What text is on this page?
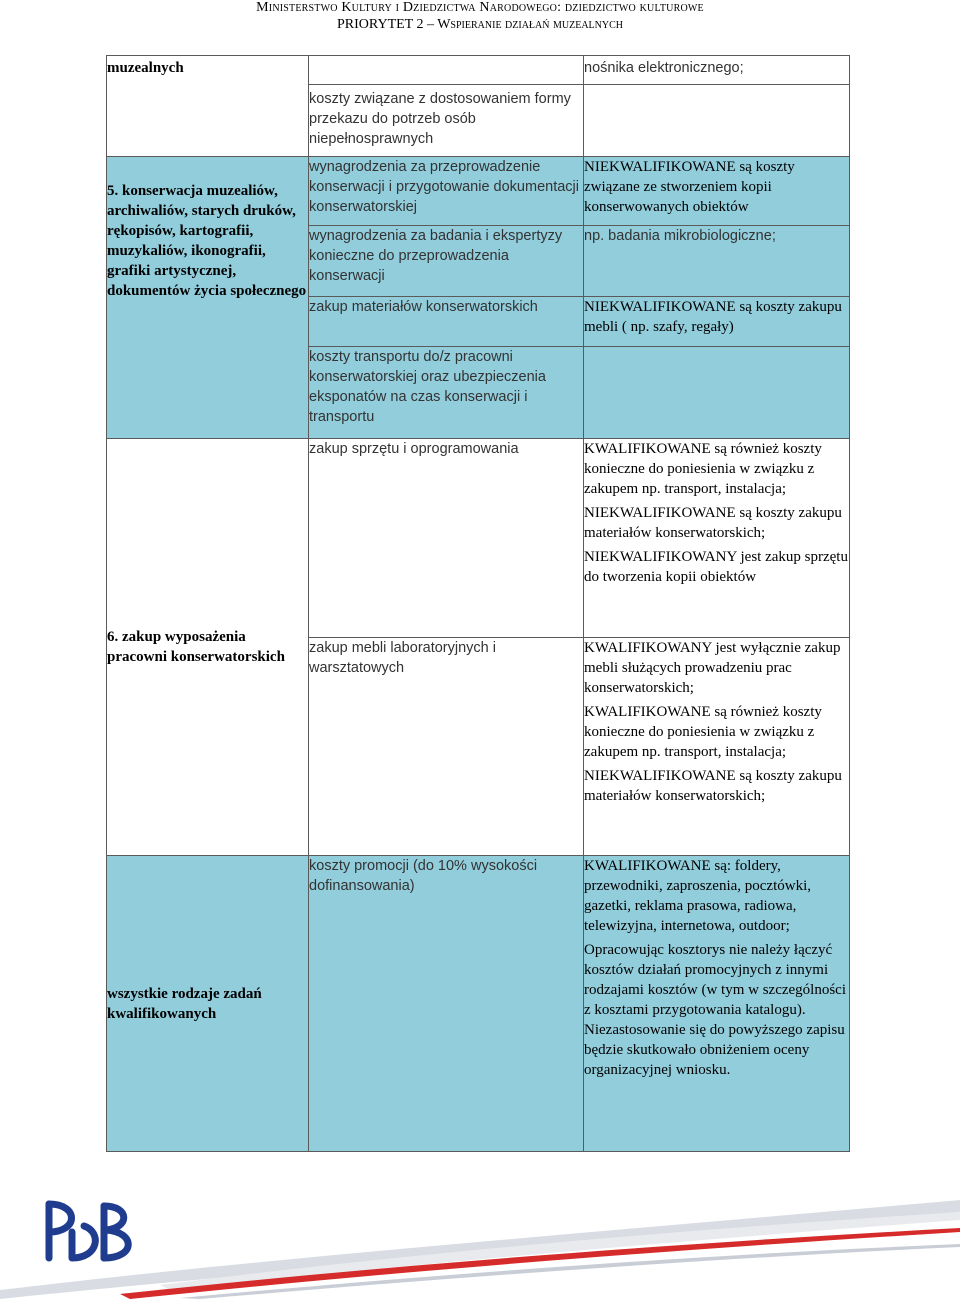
Ministerstwo Kultury i Dziedzictwa Narodowego: dziedzictwo kulturowe
PRIORYTET 2 – Wspieranie działań muzealnych
muzealnych		nośnika elektronicznego;
	koszty związane z dostosowaniem formy przekazu do potrzeb osób niepełnosprawnych	
5. konserwacja muzealiów, archiwaliów, starych druków, rękopisów, kartografii, muzykaliów, ikonografii, grafiki artystycznej, dokumentów życia społecznego	wynagrodzenia za przeprowadzenie konserwacji i przygotowanie dokumentacji konserwatorskiej	NIEKWALIFIKOWANE są koszty związane ze stworzeniem kopii konserwowanych obiektów
	wynagrodzenia za badania i ekspertyzy konieczne do przeprowadzenia konserwacji	np. badania mikrobiologiczne;
	zakup materiałów konserwatorskich	NIEKWALIFIKOWANE są koszty zakupu mebli ( np. szafy, regały)
	koszty transportu do/z pracowni konserwatorskiej oraz ubezpieczenia eksponatów na czas konserwacji i transportu	
6. zakup wyposażenia pracowni konserwatorskich	zakup sprzętu i oprogramowania	KWALIFIKOWANE są również koszty konieczne do poniesienia w związku z zakupem np. transport, instalacja;
NIEKWALIFIKOWANE są koszty zakupu materiałów konserwatorskich;
NIEKWALIFIKOWANY jest zakup sprzętu do tworzenia kopii obiektów

	zakup mebli laboratoryjnych i warsztatowych	KWALIFIKOWANY jest wyłącznie zakup mebli służących prowadzeniu prac konserwatorskich;
KWALIFIKOWANE są również koszty konieczne do poniesienia w związku z zakupem np. transport, instalacja;
NIEKWALIFIKOWANE są koszty zakupu materiałów konserwatorskich;

wszystkie rodzaje zadań kwalifikowanych	koszty promocji (do 10% wysokości dofinansowania)	KWALIFIKOWANE są: foldery, przewodniki, zaproszenia, pocztówki, gazetki, reklama prasowa, radiowa, telewizyjna, internetowa, outdoor;
Opracowując kosztorys nie należy łączyć kosztów działań promocyjnych z innymi rodzajami kosztów (w tym w szczególności z kosztami przygotowania katalogu). Niezastosowanie się do powyższego zapisu będzie skutkowało obniżeniem oceny organizacyjnej wniosku.
